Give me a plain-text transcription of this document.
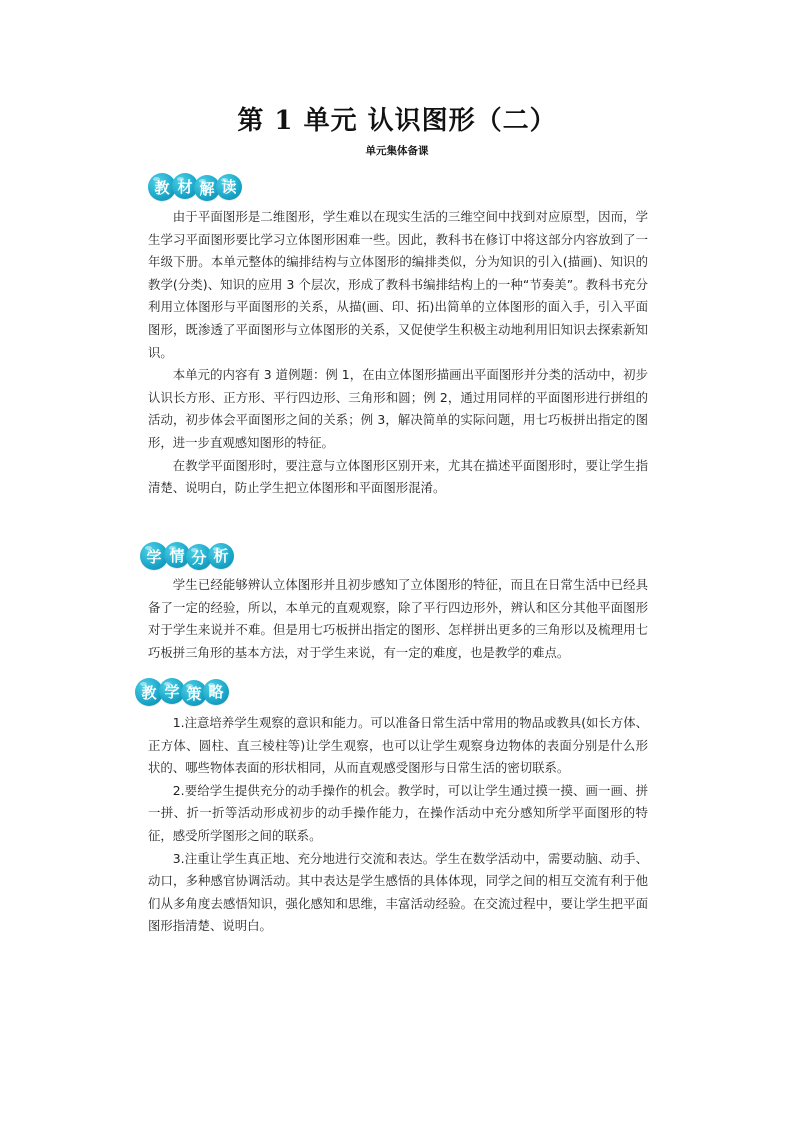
第 1 单元 认识图形（二）
单元集体备课
教 材 解 读

由于平面图形是二维图形，学生难以在现实生活的三维空间中找到对应原型，因而，学生学习平面图形要比学习立体图形困难一些。因此，教科书在修订中将这部分内容放到了一年级下册。本单元整体的编排结构与立体图形的编排类似，分为知识的引入(描画)、知识的教学(分类)、知识的应用 3 个层次，形成了教科书编排结构上的一种“节奏美”。教科书充分利用立体图形与平面图形的关系，从描(画、印、拓)出简单的立体图形的面入手，引入平面图形，既渗透了平面图形与立体图形的关系，又促使学生积极主动地利用旧知识去探索新知识。

本单元的内容有 3 道例题：例 1，在由立体图形描画出平面图形并分类的活动中，初步认识长方形、正方形、平行四边形、三角形和圆；例 2，通过用同样的平面图形进行拼组的活动，初步体会平面图形之间的关系；例 3，解决简单的实际问题，用七巧板拼出指定的图形，进一步直观感知图形的特征。

在教学平面图形时，要注意与立体图形区别开来，尤其在描述平面图形时，要让学生指清楚、说明白，防止学生把立体图形和平面图形混淆。

学 情 分 析

学生已经能够辨认立体图形并且初步感知了立体图形的特征，而且在日常生活中已经具备了一定的经验，所以，本单元的直观观察，除了平行四边形外，辨认和区分其他平面图形对于学生来说并不难。但是用七巧板拼出指定的图形、怎样拼出更多的三角形以及梳理用七巧板拼三角形的基本方法，对于学生来说，有一定的难度，也是教学的难点。

教 学 策 略

1.注意培养学生观察的意识和能力。可以准备日常生活中常用的物品或教具(如长方体、正方体、圆柱、直三棱柱等)让学生观察，也可以让学生观察身边物体的表面分别是什么形状的、哪些物体表面的形状相同，从而直观感受图形与日常生活的密切联系。

2.要给学生提供充分的动手操作的机会。教学时，可以让学生通过摸一摸、画一画、拼一拼、折一折等活动形成初步的动手操作能力，在操作活动中充分感知所学平面图形的特征，感受所学图形之间的联系。

3.注重让学生真正地、充分地进行交流和表达。学生在数学活动中，需要动脑、动手、动口，多种感官协调活动。其中表达是学生感悟的具体体现，同学之间的相互交流有利于他们从多角度去感悟知识，强化感知和思维，丰富活动经验。在交流过程中，要让学生把平面图形指清楚、说明白。
